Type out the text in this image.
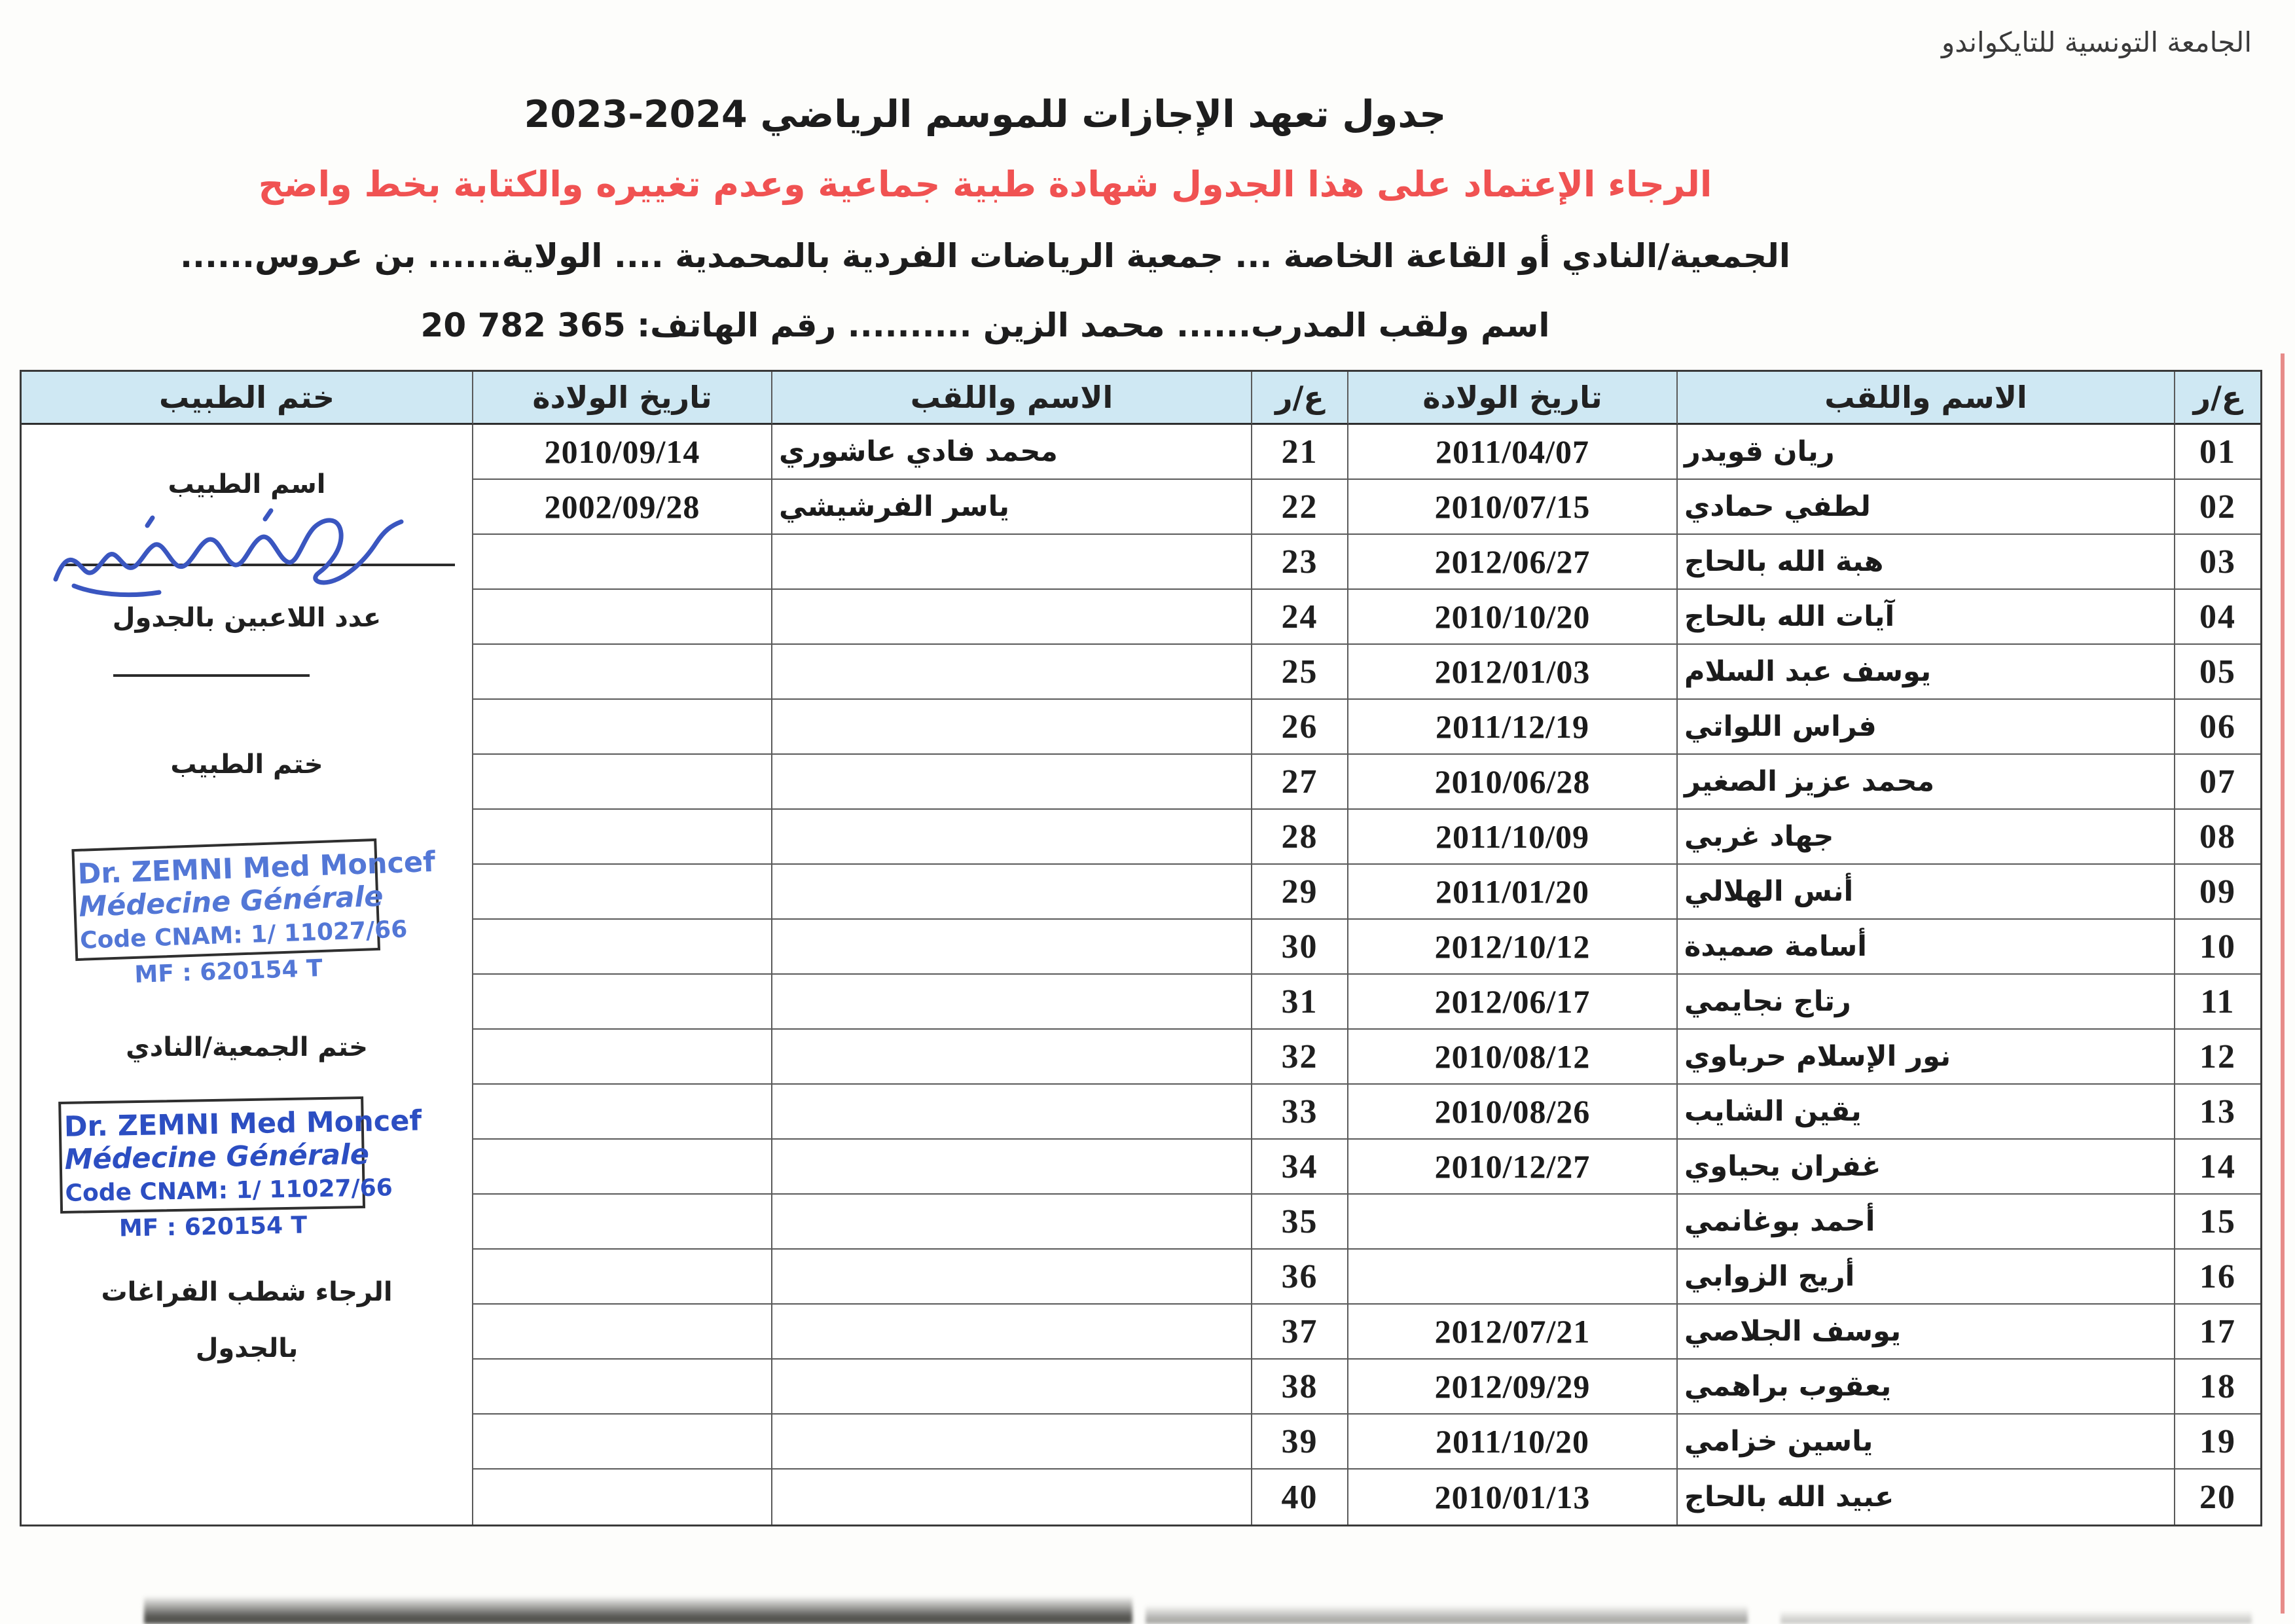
الجامعة التونسية للتايكواندو
جدول تعهد الإجازات للموسم الرياضي 2024-2023
الرجاء الإعتماد على هذا الجدول شهادة طبية جماعية وعدم تغييره والكتابة بخط واضح
الجمعية/النادي أو القاعة الخاصة ... جمعية الرياضات الفردية بالمحمدية .... الولاية...... بن عروس......
اسم ولقب المدرب...... محمد الزين .......... رقم الهاتف: 365 782 20
اسم الطبيب
عدد اللاعبين بالجدول
ختم الطبيب
Dr. ZEMNI Med Moncef
Médecine Générale
Code CNAM: 1/ 11027/66
MF : 620154 T
ختم الجمعية/النادي
Dr. ZEMNI Med Moncef
Médecine Générale
Code CNAM: 1/ 11027/66
MF : 620154 T
الرجاء شطب الفراغات
بالجدول
ختم الطبيب	تاريخ الولادة	الاسم واللقب	ع/ر	تاريخ الولادة	الاسم واللقب	ع/ر
2010/09/14	محمد فادي عاشوري	21	2011/04/07	ريان قويدر	01
2002/09/28	ياسر الفرشيشي	22	2010/07/15	لطفي حمادي	02
23	2012/06/27	هبة الله بالحاج	03
24	2010/10/20	آيات الله بالحاج	04
25	2012/01/03	يوسف عبد السلام	05
26	2011/12/19	فراس اللواتي	06
27	2010/06/28	محمد عزيز الصغير	07
28	2011/10/09	جهاد غربي	08
29	2011/01/20	أنس الهلالي	09
30	2012/10/12	أسامة صميدة	10
31	2012/06/17	رتاج نجايمي	11
32	2010/08/12	نور الإسلام حرباوي	12
33	2010/08/26	يقين الشايب	13
34	2010/12/27	غفران يحياوي	14
35	أحمد بوغانمي	15
36	أريج الزوابي	16
37	2012/07/21	يوسف الجلاصي	17
38	2012/09/29	يعقوب براهمي	18
39	2011/10/20	ياسين خزامي	19
40	2010/01/13	عبيد الله بالحاج	20
